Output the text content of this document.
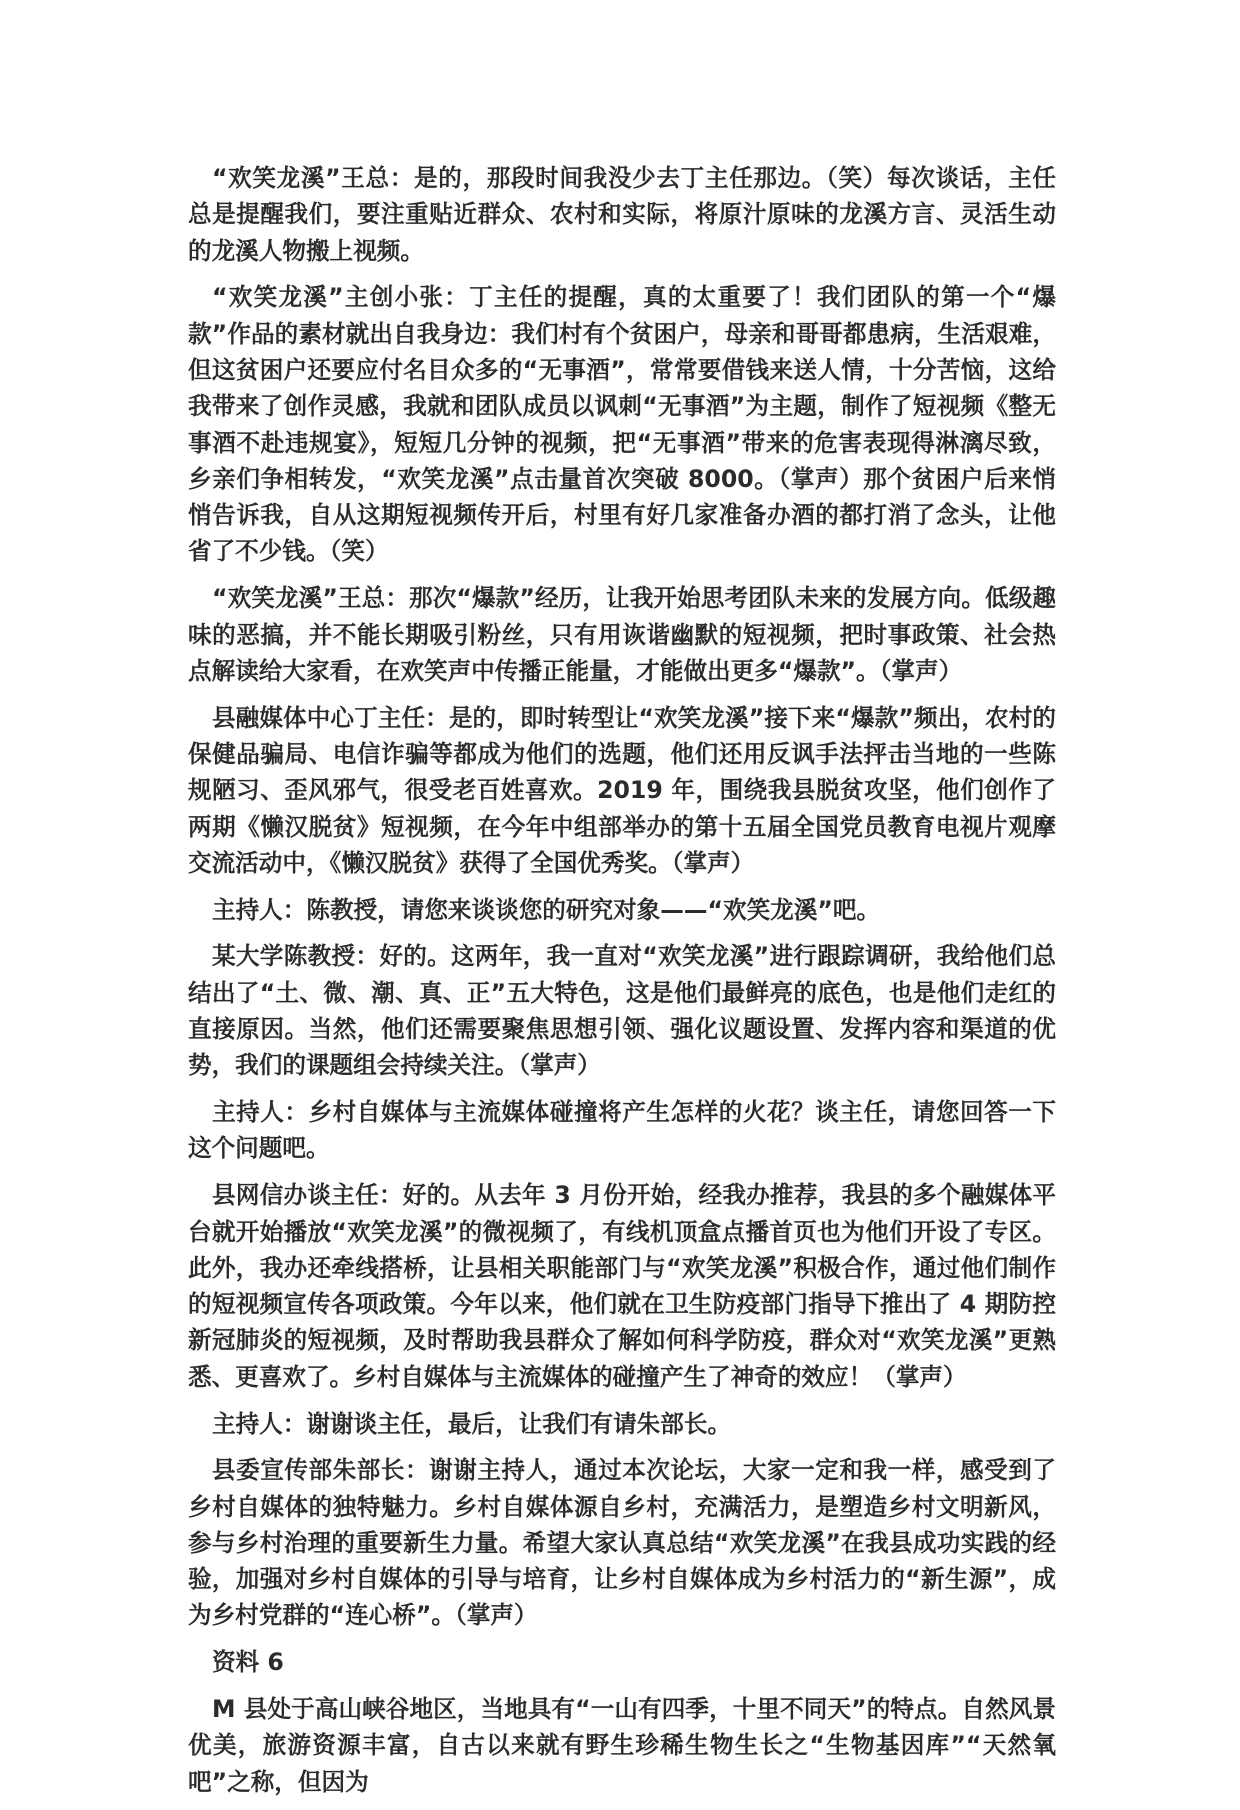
“欢笑龙溪”王总：是的，那段时间我没少去丁主任那边。（笑）每次谈话，主任总是提醒我们，要注重贴近群众、农村和实际，将原汁原味的龙溪方言、灵活生动的龙溪人物搬上视频。

“欢笑龙溪”主创小张：丁主任的提醒，真的太重要了！我们团队的第一个“爆款”作品的素材就出自我身边：我们村有个贫困户，母亲和哥哥都患病，生活艰难，但这贫困户还要应付名目众多的“无事酒”，常常要借钱来送人情，十分苦恼，这给我带来了创作灵感，我就和团队成员以讽刺“无事酒”为主题，制作了短视频《整无事酒不赴违规宴》，短短几分钟的视频，把“无事酒”带来的危害表现得淋漓尽致，乡亲们争相转发，“欢笑龙溪”点击量首次突破 8000。（掌声）那个贫困户后来悄悄告诉我，自从这期短视频传开后，村里有好几家准备办酒的都打消了念头，让他省了不少钱。（笑）

“欢笑龙溪”王总：那次“爆款”经历，让我开始思考团队未来的发展方向。低级趣味的恶搞，并不能长期吸引粉丝，只有用诙谐幽默的短视频，把时事政策、社会热点解读给大家看，在欢笑声中传播正能量，才能做出更多“爆款”。（掌声）

县融媒体中心丁主任：是的，即时转型让“欢笑龙溪”接下来“爆款”频出，农村的保健品骗局、电信诈骗等都成为他们的选题，他们还用反讽手法抨击当地的一些陈规陋习、歪风邪气，很受老百姓喜欢。2019 年，围绕我县脱贫攻坚，他们创作了两期《懒汉脱贫》短视频，在今年中组部举办的第十五届全国党员教育电视片观摩交流活动中，《懒汉脱贫》获得了全国优秀奖。（掌声）

主持人：陈教授，请您来谈谈您的研究对象——“欢笑龙溪”吧。

某大学陈教授：好的。这两年，我一直对“欢笑龙溪”进行跟踪调研，我给他们总结出了“土、微、潮、真、正”五大特色，这是他们最鲜亮的底色，也是他们走红的直接原因。当然，他们还需要聚焦思想引领、强化议题设置、发挥内容和渠道的优势，我们的课题组会持续关注。（掌声）

主持人：乡村自媒体与主流媒体碰撞将产生怎样的火花？谈主任，请您回答一下这个问题吧。

县网信办谈主任：好的。从去年 3 月份开始，经我办推荐，我县的多个融媒体平台就开始播放“欢笑龙溪”的微视频了，有线机顶盒点播首页也为他们开设了专区。此外，我办还牵线搭桥，让县相关职能部门与“欢笑龙溪”积极合作，通过他们制作的短视频宣传各项政策。今年以来，他们就在卫生防疫部门指导下推出了 4 期防控新冠肺炎的短视频，及时帮助我县群众了解如何科学防疫，群众对“欢笑龙溪”更熟悉、更喜欢了。乡村自媒体与主流媒体的碰撞产生了神奇的效应！（掌声）

主持人：谢谢谈主任，最后，让我们有请朱部长。

县委宣传部朱部长：谢谢主持人，通过本次论坛，大家一定和我一样，感受到了乡村自媒体的独特魅力。乡村自媒体源自乡村，充满活力，是塑造乡村文明新风，参与乡村治理的重要新生力量。希望大家认真总结“欢笑龙溪”在我县成功实践的经验，加强对乡村自媒体的引导与培育，让乡村自媒体成为乡村活力的“新生源”，成为乡村党群的“连心桥”。（掌声）

资料 6

M 县处于高山峡谷地区，当地具有“一山有四季，十里不同天”的特点。自然风景优美，旅游资源丰富，自古以来就有野生珍稀生物生长之“生物基因库”“天然氧吧”之称，但因为
